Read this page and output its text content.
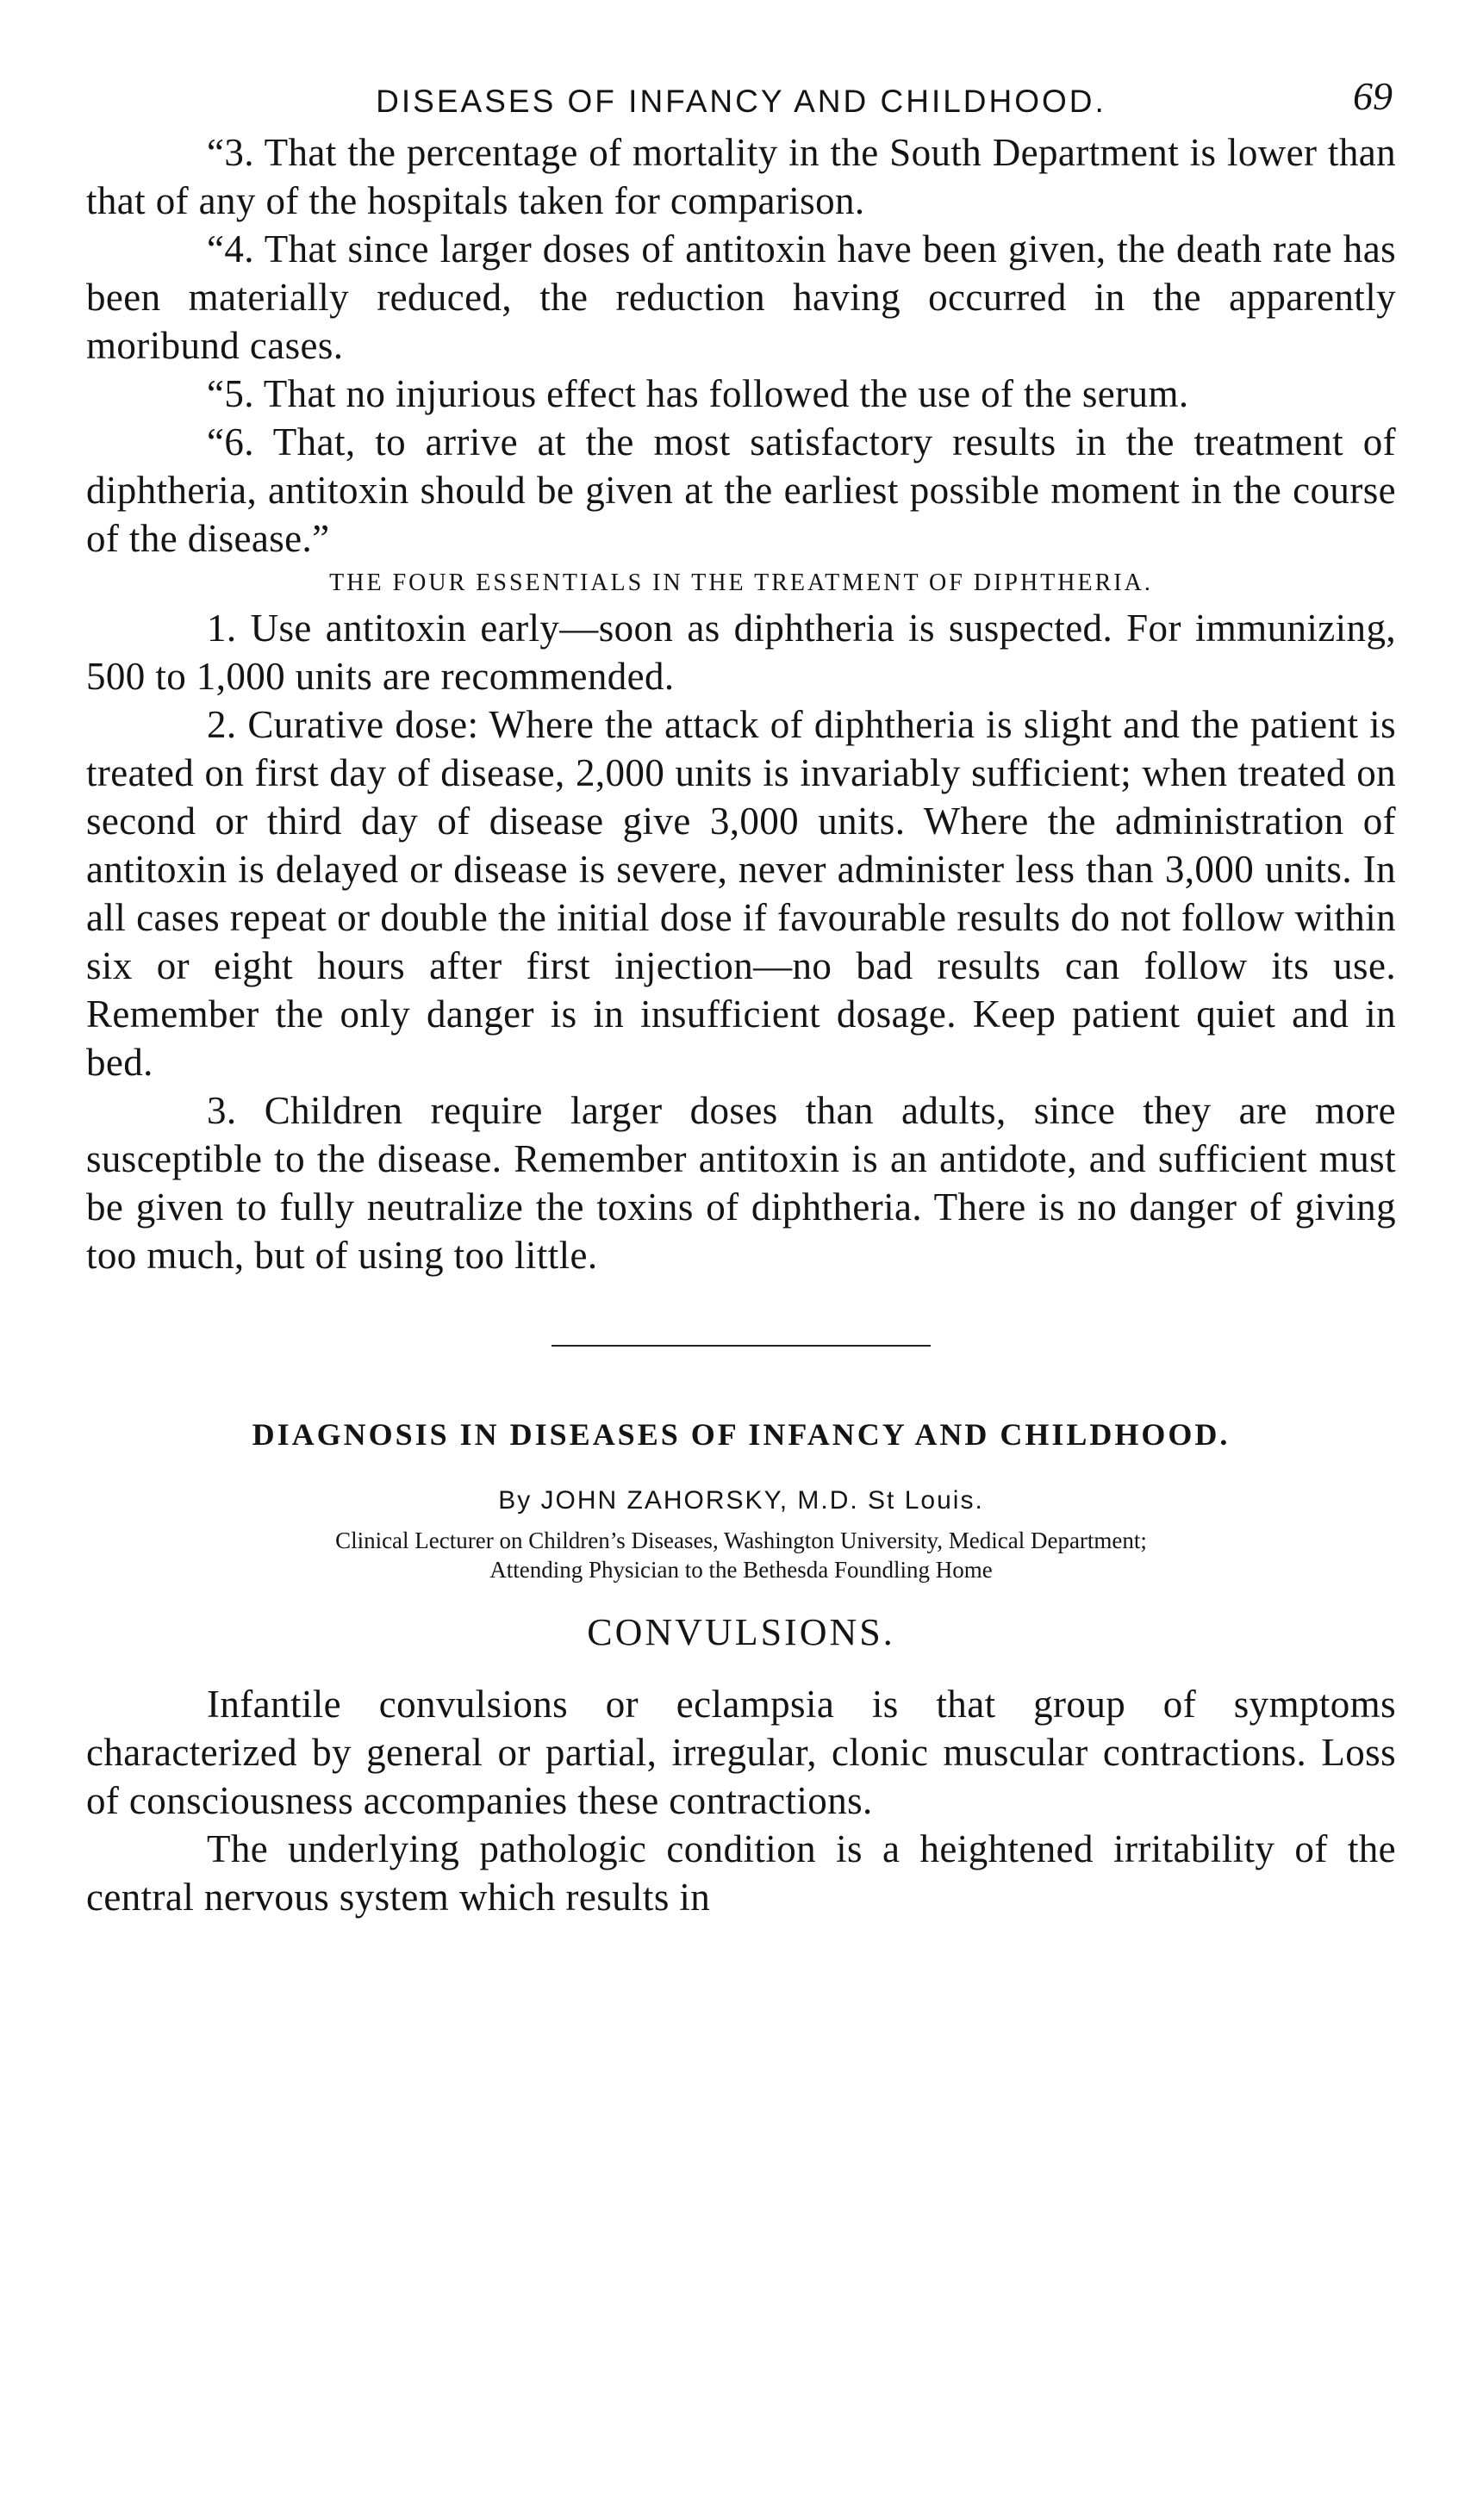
DISEASES OF INFANCY AND CHILDHOOD.	69

“3. That the percentage of mortality in the South Department is lower than that of any of the hospitals taken for comparison.

“4. That since larger doses of antitoxin have been given, the death rate has been materially reduced, the reduction having occurred in the apparently moribund cases.

“5. That no injurious effect has followed the use of the serum.

“6. That, to arrive at the most satisfactory results in the treatment of diphtheria, antitoxin should be given at the earliest possible moment in the course of the disease.”

THE FOUR ESSENTIALS IN THE TREATMENT OF DIPHTHERIA.

1. Use antitoxin early—soon as diphtheria is suspected. For immunizing, 500 to 1,000 units are recommended.

2. Curative dose: Where the attack of diphtheria is slight and the patient is treated on first day of disease, 2,000 units is invariably sufficient; when treated on second or third day of disease give 3,000 units. Where the administration of antitoxin is delayed or disease is severe, never administer less than 3,000 units. In all cases repeat or double the initial dose if favourable results do not follow within six or eight hours after first injection—no bad results can follow its use. Remember the only danger is in insufficient dosage. Keep patient quiet and in bed.

3. Children require larger doses than adults, since they are more susceptible to the disease. Remember antitoxin is an antidote, and sufficient must be given to fully neutralize the toxins of diphtheria. There is no danger of giving too much, but of using too little.

DIAGNOSIS IN DISEASES OF INFANCY AND CHILDHOOD.
By JOHN ZAHORSKY, M.D. St Louis.
Clinical Lecturer on Children’s Diseases, Washington University, Medical Department;
Attending Physician to the Bethesda Foundling Home
CONVULSIONS.

Infantile convulsions or eclampsia is that group of symptoms characterized by general or partial, irregular, clonic muscular contractions. Loss of consciousness accompanies these contractions.

The underlying pathologic condition is a heightened irritability of the central nervous system which results in
